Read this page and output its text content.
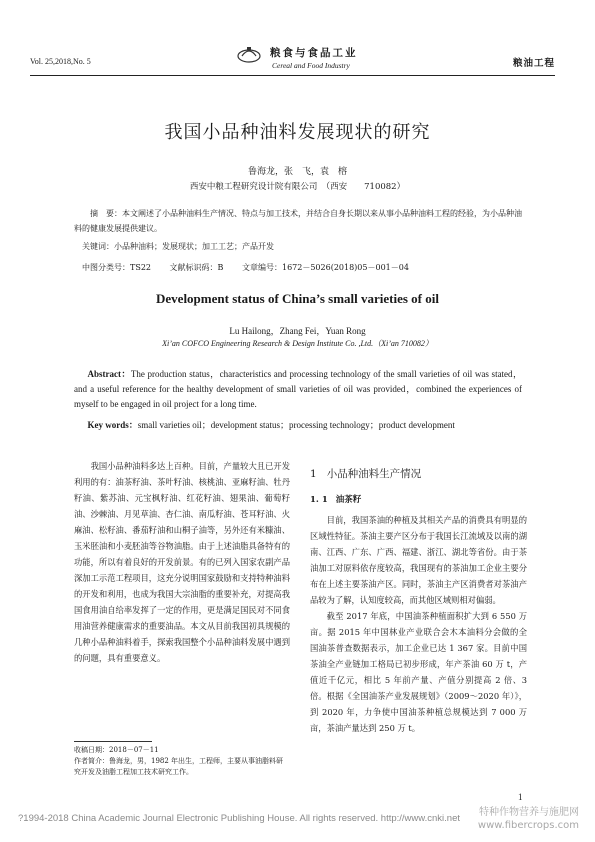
Vol. 25,2018,No. 5
粮食与食品工业
Cereal and Food Industry	粮油工程
我国小品种油料发展现状的研究
鲁海龙，张　飞，袁　榕
西安中粮工程研究设计院有限公司　（西安　　710082）
摘　要：本文阐述了小品种油料生产情况、特点与加工技术，并结合自身长期以来从事小品种油料工程的经验，为小品种油料的健康发展提供建议。
关键词：小品种油料；发展现状；加工工艺；产品开发
中图分类号：TS22 文献标识码：B 文章编号：1672－5026(2018)05－001－04
Development status of China’s small varieties of oil
Lu Hailong，Zhang Fei，Yuan Rong
Xi’an COFCO Engineering Research & Design Institute Co. ,Ltd.（Xi’an 710082）
Abstract：The production status，characteristics and processing technology of the small varieties of oil was stated，and a useful reference for the healthy development of small varieties of oil was provided，combined the experiences of myself to be engaged in oil project for a long time.
Key words：small varieties oil；development status；processing technology；product development

我国小品种油料多达上百种。目前，产量较大且已开发利用的有：油茶籽油、茶叶籽油、核桃油、亚麻籽油、牡丹籽油、紫苏油、元宝枫籽油、红花籽油、翅果油、葡萄籽油、沙棘油、月见草油、杏仁油、南瓜籽油、苍耳籽油、火麻油、松籽油、番茄籽油和山桐子油等，另外还有米糠油、玉米胚油和小麦胚油等谷物油脂。由于上述油脂具备特有的功能，所以有着良好的开发前景。有的已列入国家农副产品深加工示范工程项目，这充分说明国家鼓励和支持特种油料的开发和利用，也成为我国大宗油脂的重要补充，对提高我国食用油自给率发挥了一定的作用，更是满足国民对不同食用油营养健康需求的重要油品。本文从目前我国初具规模的几种小品种油料着手，探索我国整个小品种油料发展中遇到的问题，具有重要意义。

1 小品种油料生产情况
1. 1 油茶籽

目前，我国茶油的种植及其相关产品的消费具有明显的区域性特征。茶油主要产区分布于我国长江流域及以南的湖南、江西、广东、广西、福建、浙江、湖北等省份。由于茶油加工对原料依存度较高，我国现有的茶油加工企业主要分布在上述主要茶油产区。同时，茶油主产区消费者对茶油产品较为了解，认知度较高，而其他区域则相对偏弱。

截至 2017 年底，中国油茶种植面积扩大到 6 550 万亩。据 2015 年中国林业产业联合会木本油料分会做的全国油茶普查数据表示，加工企业已达 1 367 家。目前中国茶油全产业链加工格局已初步形成，年产茶油 60 万 t，产值近千亿元，相比 5 年前产量、产值分别提高 2 倍、3 倍。根据《全国油茶产业发展规划》（2009～2020 年）》，到 2020 年，力争使中国油茶种植总规模达到 7 000 万亩，茶油产量达到 250 万 t。

收稿日期：2018－07－11
作者简介：鲁海龙，男，1982 年出生，工程师，主要从事油脂料研究开发及油脂工程加工技术研究工作。
1
?1994-2018 China Academic Journal Electronic Publishing House. All rights reserved. http://www.cnki.net
特种作物营养与施肥网
www.fibercrops.com
